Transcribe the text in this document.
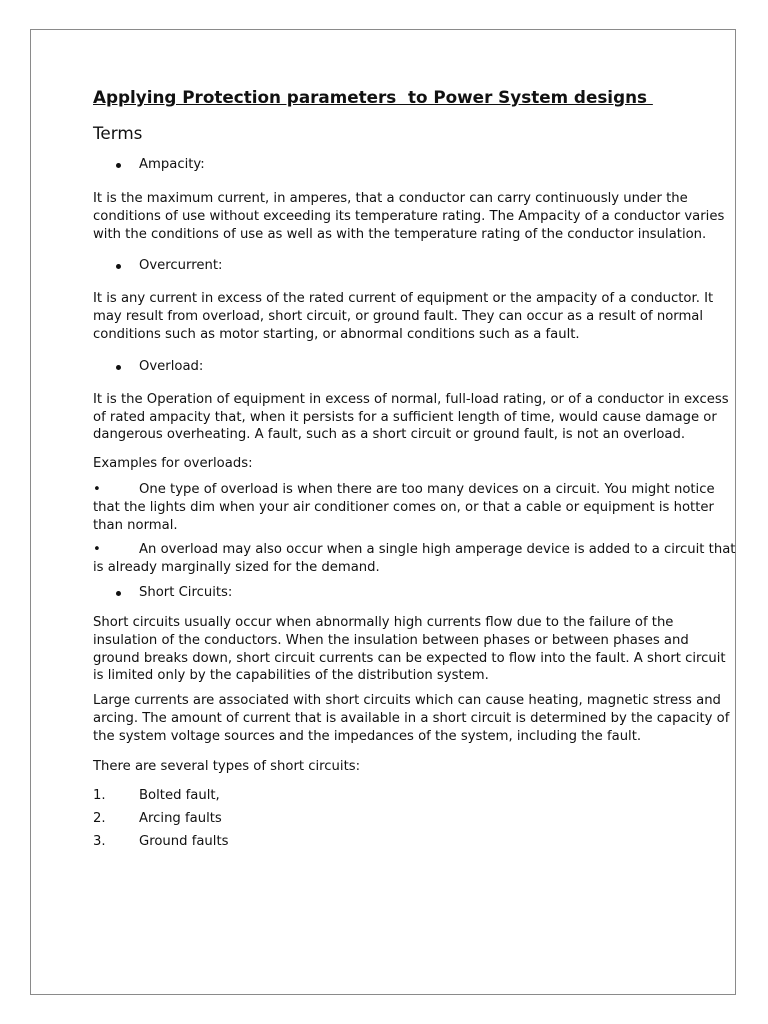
Applying Protection parameters  to Power System designs
Terms
Ampacity:

It is the maximum current, in amperes, that a conductor can carry continuously under the conditions of use without exceeding its temperature rating. The Ampacity of a conductor varies with the conditions of use as well as with the temperature rating of the conductor insulation.

Overcurrent:

It is any current in excess of the rated current of equipment or the ampacity of a conductor. It may result from overload, short circuit, or ground fault. They can occur as a result of normal conditions such as motor starting, or abnormal conditions such as a fault.

Overload:

It is the Operation of equipment in excess of normal, full-load rating, or of a conductor in excess of rated ampacity that, when it persists for a sufficient length of time, would cause damage or dangerous overheating. A fault, such as a short circuit or ground fault, is not an overload.

Examples for overloads:

•	One type of overload is when there are too many devices on a circuit. You might notice that the lights dim when your air conditioner comes on, or that a cable or equipment is hotter than normal.

•	An overload may also occur when a single high amperage device is added to a circuit that is already marginally sized for the demand.

Short Circuits:

Short circuits usually occur when abnormally high currents flow due to the failure of the insulation of the conductors. When the insulation between phases or between phases and ground breaks down, short circuit currents can be expected to flow into the fault. A short circuit is limited only by the capabilities of the distribution system.

Large currents are associated with short circuits which can cause heating, magnetic stress and arcing. The amount of current that is available in a short circuit is determined by the capacity of the system voltage sources and the impedances of the system, including the fault.

There are several types of short circuits:

1.	Bolted fault,
2.	Arcing faults
3.	Ground faults
